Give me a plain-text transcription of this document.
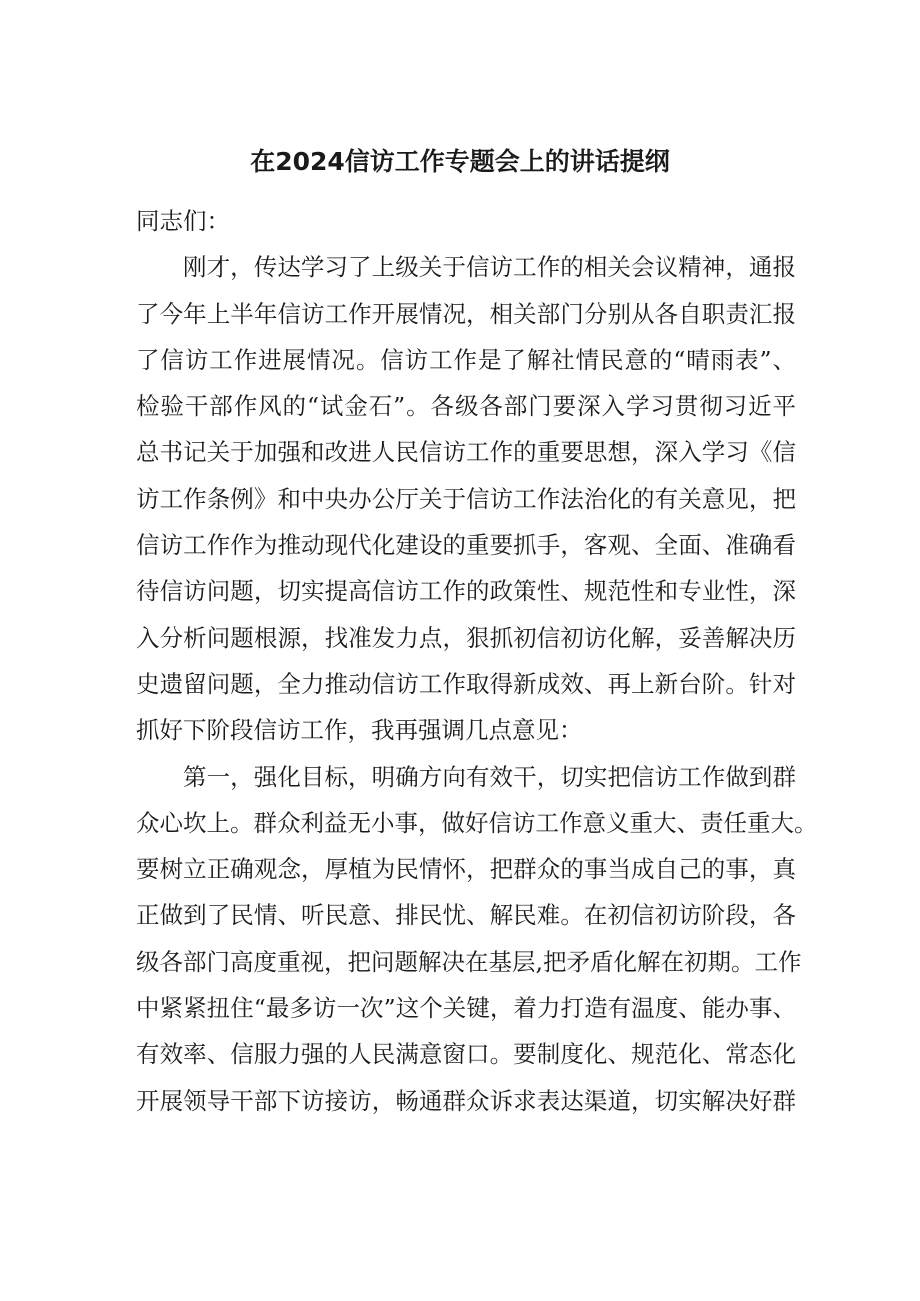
在2024信访工作专题会上的讲话提纲
同志们：
刚才，传达学习了上级关于信访工作的相关会议精神，通报
了今年上半年信访工作开展情况，相关部门分别从各自职责汇报
了信访工作进展情况。信访工作是了解社情民意的“晴雨表”、
检验干部作风的“试金石”。各级各部门要深入学习贯彻习近平
总书记关于加强和改进人民信访工作的重要思想，深入学习《信
访工作条例》和中央办公厅关于信访工作法治化的有关意见，把
信访工作作为推动现代化建设的重要抓手，客观、全面、准确看
待信访问题，切实提高信访工作的政策性、规范性和专业性，深
入分析问题根源，找准发力点，狠抓初信初访化解，妥善解决历
史遗留问题，全力推动信访工作取得新成效、再上新台阶。针对
抓好下阶段信访工作，我再强调几点意见：
第一，强化目标，明确方向有效干，切实把信访工作做到群
众心坎上。群众利益无小事，做好信访工作意义重大、责任重大。
要树立正确观念，厚植为民情怀，把群众的事当成自己的事，真
正做到了民情、听民意、排民忧、解民难。在初信初访阶段，各
级各部门高度重视，把问题解决在基层,把矛盾化解在初期。工作
中紧紧扭住“最多访一次”这个关键，着力打造有温度、能办事、
有效率、信服力强的人民满意窗口。要制度化、规范化、常态化
开展领导干部下访接访，畅通群众诉求表达渠道，切实解决好群
